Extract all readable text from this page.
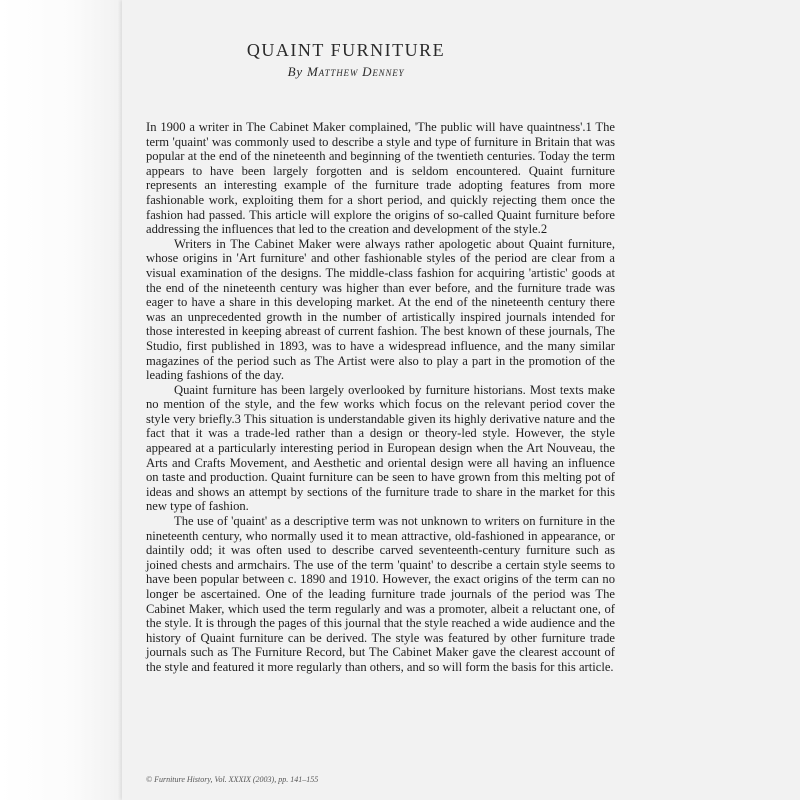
QUAINT FURNITURE
By Matthew Denney

In 1900 a writer in The Cabinet Maker complained, 'The public will have quaintness'.1 The term 'quaint' was commonly used to describe a style and type of furniture in Britain that was popular at the end of the nineteenth and beginning of the twentieth centuries. Today the term appears to have been largely forgotten and is seldom encountered. Quaint furniture represents an interesting example of the furniture trade adopting features from more fashionable work, exploiting them for a short period, and quickly rejecting them once the fashion had passed. This article will explore the origins of so-called Quaint furniture before addressing the influences that led to the creation and development of the style.2

Writers in The Cabinet Maker were always rather apologetic about Quaint furniture, whose origins in 'Art furniture' and other fashionable styles of the period are clear from a visual examination of the designs. The middle-class fashion for acquiring 'artistic' goods at the end of the nineteenth century was higher than ever before, and the furniture trade was eager to have a share in this developing market. At the end of the nineteenth century there was an unprecedented growth in the number of artistically inspired journals intended for those interested in keeping abreast of current fashion. The best known of these journals, The Studio, first published in 1893, was to have a widespread influence, and the many similar magazines of the period such as The Artist were also to play a part in the promotion of the leading fashions of the day.

Quaint furniture has been largely overlooked by furniture historians. Most texts make no mention of the style, and the few works which focus on the relevant period cover the style very briefly.3 This situation is understandable given its highly derivative nature and the fact that it was a trade-led rather than a design or theory-led style. However, the style appeared at a particularly interesting period in European design when the Art Nouveau, the Arts and Crafts Movement, and Aesthetic and oriental design were all having an influence on taste and production. Quaint furniture can be seen to have grown from this melting pot of ideas and shows an attempt by sections of the furniture trade to share in the market for this new type of fashion.

The use of 'quaint' as a descriptive term was not unknown to writers on furniture in the nineteenth century, who normally used it to mean attractive, old-fashioned in appearance, or daintily odd; it was often used to describe carved seventeenth-century furniture such as joined chests and armchairs. The use of the term 'quaint' to describe a certain style seems to have been popular between c. 1890 and 1910. However, the exact origins of the term can no longer be ascertained. One of the leading furniture trade journals of the period was The Cabinet Maker, which used the term regularly and was a promoter, albeit a reluctant one, of the style. It is through the pages of this journal that the style reached a wide audience and the history of Quaint furniture can be derived. The style was featured by other furniture trade journals such as The Furniture Record, but The Cabinet Maker gave the clearest account of the style and featured it more regularly than others, and so will form the basis for this article.

© Furniture History, Vol. XXXIX (2003), pp. 141–155
